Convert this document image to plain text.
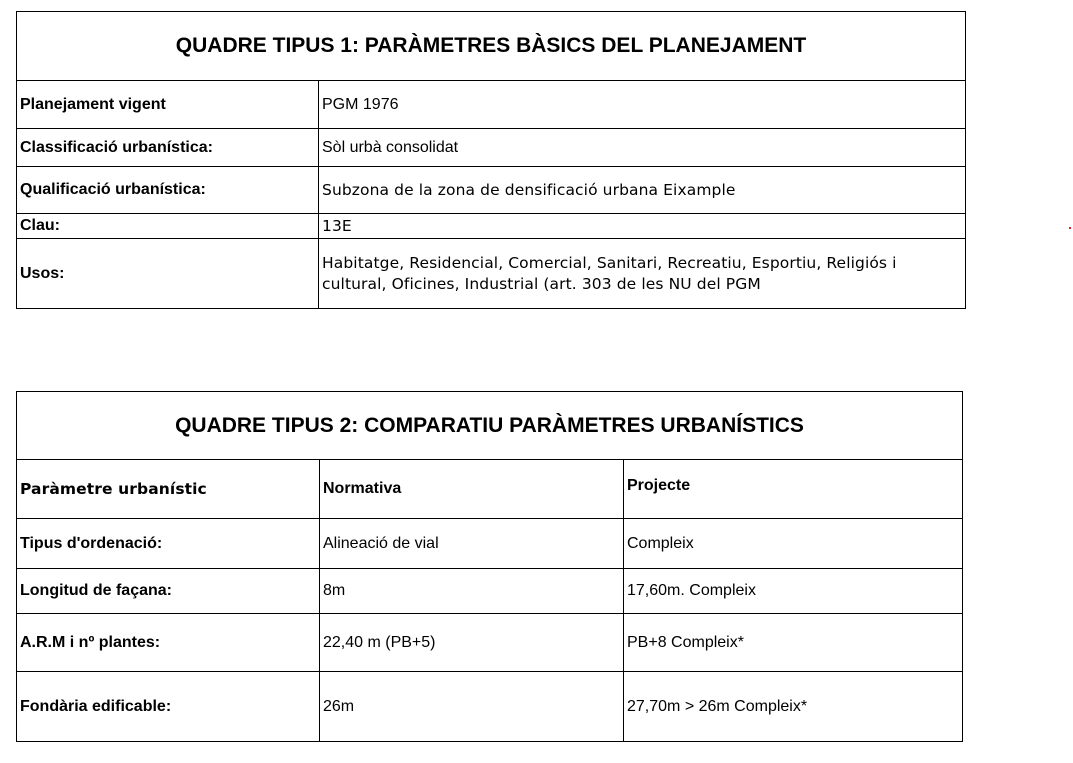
QUADRE TIPUS 1: PARÀMETRES BÀSICS DEL PLANEJAMENT	
Planejament vigent	PGM 1976
Classificació urbanística:	Sòl urbà consolidat
Qualificació urbanística:	Subzona de la zona de densificació urbana Eixample
Clau:	13E
Usos:	Habitatge, Residencial, Comercial, Sanitari, Recreatiu, Esportiu, Religiós i cultural, Oficines, Industrial (art. 303 de les NU del PGM
QUADRE TIPUS 2: COMPARATIU PARÀMETRES URBANÍSTICS		
Paràmetre urbanístic	Normativa	Projecte
Tipus d'ordenació:	Alineació de vial	Compleix
Longitud de façana:	8m	17,60m. Compleix
A.R.M i nº plantes:	22,40 m (PB+5)	PB+8 Compleix*
Fondària edificable:	26m	27,70m > 26m Compleix*
